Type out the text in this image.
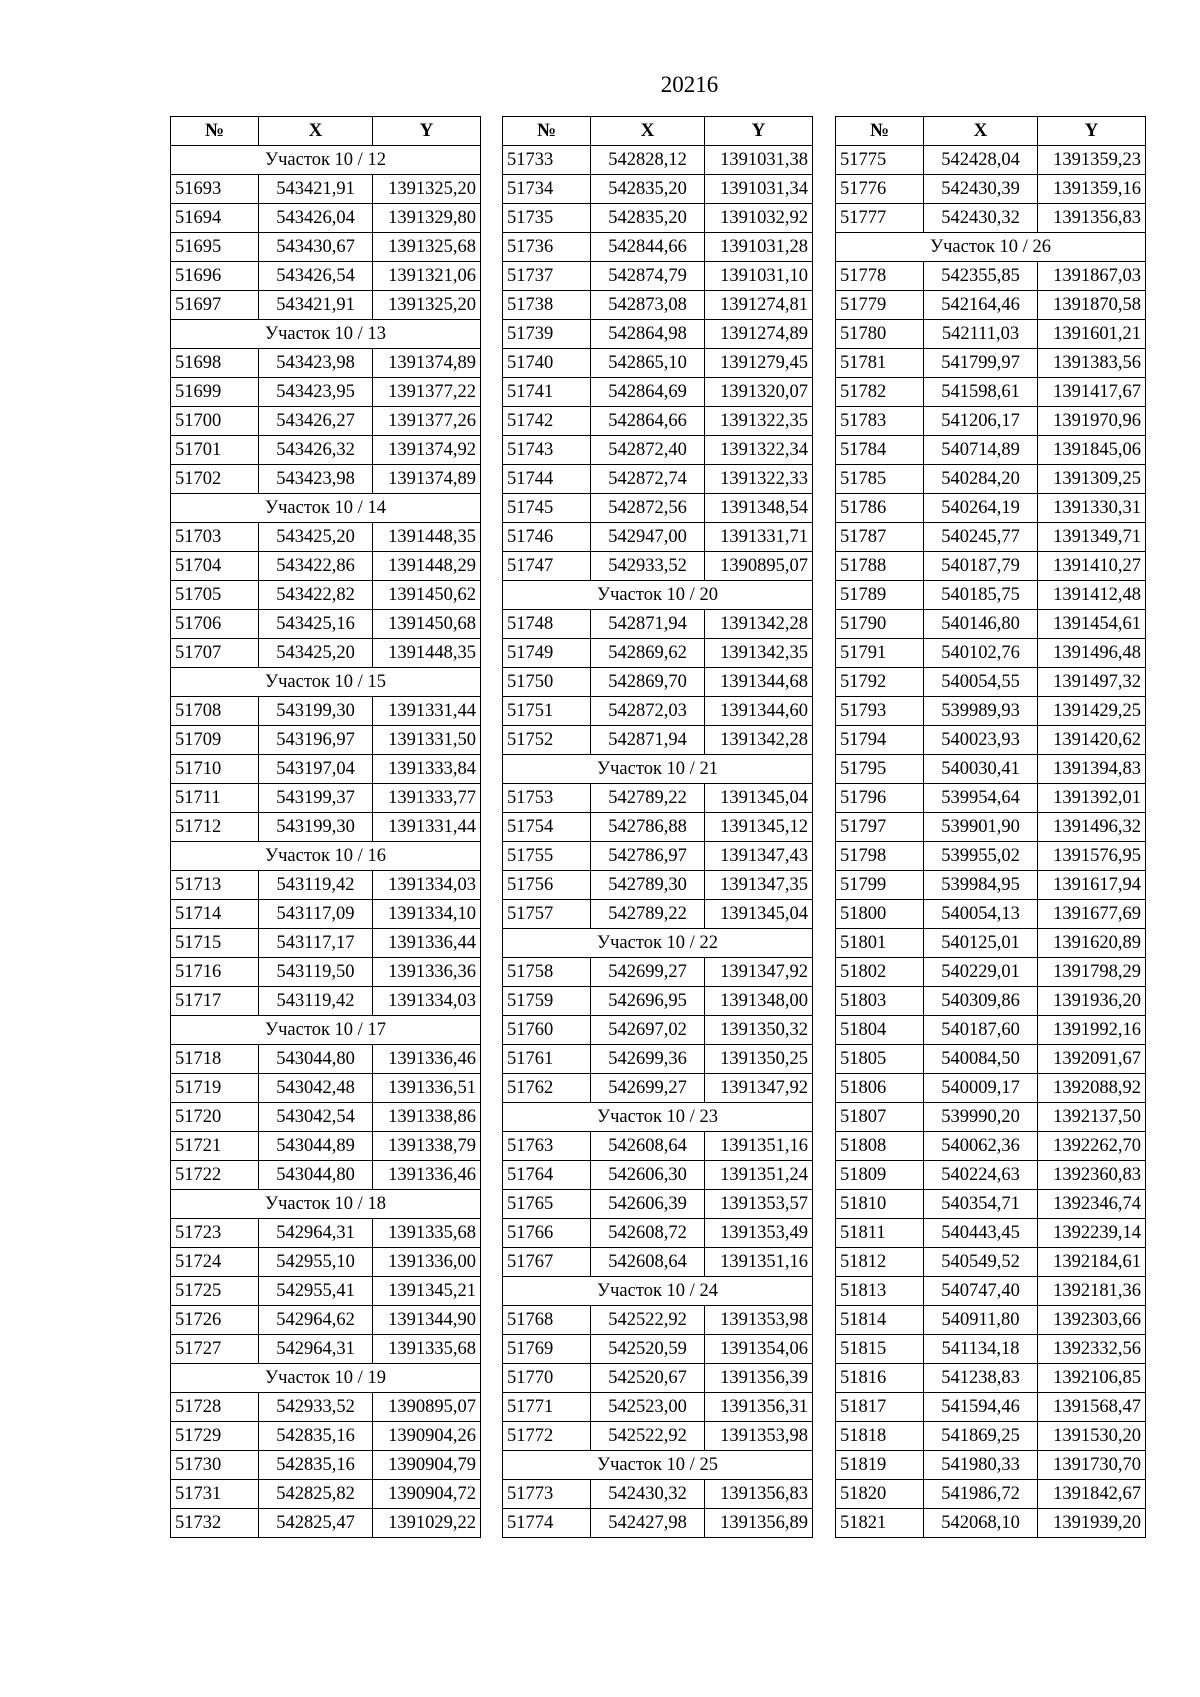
20216
№	X	Y
Участок 10 / 12		
51693	543421,91	1391325,20
51694	543426,04	1391329,80
51695	543430,67	1391325,68
51696	543426,54	1391321,06
51697	543421,91	1391325,20
Участок 10 / 13		
51698	543423,98	1391374,89
51699	543423,95	1391377,22
51700	543426,27	1391377,26
51701	543426,32	1391374,92
51702	543423,98	1391374,89
Участок 10 / 14		
51703	543425,20	1391448,35
51704	543422,86	1391448,29
51705	543422,82	1391450,62
51706	543425,16	1391450,68
51707	543425,20	1391448,35
Участок 10 / 15		
51708	543199,30	1391331,44
51709	543196,97	1391331,50
51710	543197,04	1391333,84
51711	543199,37	1391333,77
51712	543199,30	1391331,44
Участок 10 / 16		
51713	543119,42	1391334,03
51714	543117,09	1391334,10
51715	543117,17	1391336,44
51716	543119,50	1391336,36
51717	543119,42	1391334,03
Участок 10 / 17		
51718	543044,80	1391336,46
51719	543042,48	1391336,51
51720	543042,54	1391338,86
51721	543044,89	1391338,79
51722	543044,80	1391336,46
Участок 10 / 18		
51723	542964,31	1391335,68
51724	542955,10	1391336,00
51725	542955,41	1391345,21
51726	542964,62	1391344,90
51727	542964,31	1391335,68
Участок 10 / 19		
51728	542933,52	1390895,07
51729	542835,16	1390904,26
51730	542835,16	1390904,79
51731	542825,82	1390904,72
51732	542825,47	1391029,22
№	X	Y
51733	542828,12	1391031,38
51734	542835,20	1391031,34
51735	542835,20	1391032,92
51736	542844,66	1391031,28
51737	542874,79	1391031,10
51738	542873,08	1391274,81
51739	542864,98	1391274,89
51740	542865,10	1391279,45
51741	542864,69	1391320,07
51742	542864,66	1391322,35
51743	542872,40	1391322,34
51744	542872,74	1391322,33
51745	542872,56	1391348,54
51746	542947,00	1391331,71
51747	542933,52	1390895,07
Участок 10 / 20		
51748	542871,94	1391342,28
51749	542869,62	1391342,35
51750	542869,70	1391344,68
51751	542872,03	1391344,60
51752	542871,94	1391342,28
Участок 10 / 21		
51753	542789,22	1391345,04
51754	542786,88	1391345,12
51755	542786,97	1391347,43
51756	542789,30	1391347,35
51757	542789,22	1391345,04
Участок 10 / 22		
51758	542699,27	1391347,92
51759	542696,95	1391348,00
51760	542697,02	1391350,32
51761	542699,36	1391350,25
51762	542699,27	1391347,92
Участок 10 / 23		
51763	542608,64	1391351,16
51764	542606,30	1391351,24
51765	542606,39	1391353,57
51766	542608,72	1391353,49
51767	542608,64	1391351,16
Участок 10 / 24		
51768	542522,92	1391353,98
51769	542520,59	1391354,06
51770	542520,67	1391356,39
51771	542523,00	1391356,31
51772	542522,92	1391353,98
Участок 10 / 25		
51773	542430,32	1391356,83
51774	542427,98	1391356,89
№	X	Y
51775	542428,04	1391359,23
51776	542430,39	1391359,16
51777	542430,32	1391356,83
Участок 10 / 26		
51778	542355,85	1391867,03
51779	542164,46	1391870,58
51780	542111,03	1391601,21
51781	541799,97	1391383,56
51782	541598,61	1391417,67
51783	541206,17	1391970,96
51784	540714,89	1391845,06
51785	540284,20	1391309,25
51786	540264,19	1391330,31
51787	540245,77	1391349,71
51788	540187,79	1391410,27
51789	540185,75	1391412,48
51790	540146,80	1391454,61
51791	540102,76	1391496,48
51792	540054,55	1391497,32
51793	539989,93	1391429,25
51794	540023,93	1391420,62
51795	540030,41	1391394,83
51796	539954,64	1391392,01
51797	539901,90	1391496,32
51798	539955,02	1391576,95
51799	539984,95	1391617,94
51800	540054,13	1391677,69
51801	540125,01	1391620,89
51802	540229,01	1391798,29
51803	540309,86	1391936,20
51804	540187,60	1391992,16
51805	540084,50	1392091,67
51806	540009,17	1392088,92
51807	539990,20	1392137,50
51808	540062,36	1392262,70
51809	540224,63	1392360,83
51810	540354,71	1392346,74
51811	540443,45	1392239,14
51812	540549,52	1392184,61
51813	540747,40	1392181,36
51814	540911,80	1392303,66
51815	541134,18	1392332,56
51816	541238,83	1392106,85
51817	541594,46	1391568,47
51818	541869,25	1391530,20
51819	541980,33	1391730,70
51820	541986,72	1391842,67
51821	542068,10	1391939,20
